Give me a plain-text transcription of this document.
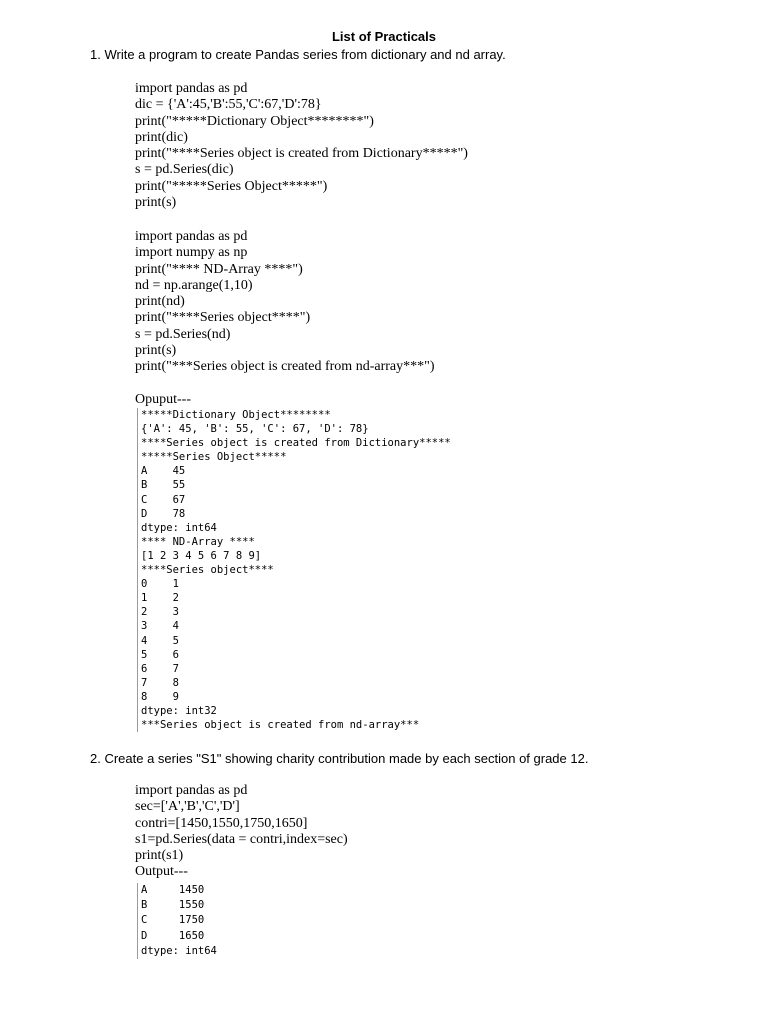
List of Practicals
1. Write a program to create Pandas series from dictionary and nd array.
import pandas as pd
dic = {'A':45,'B':55,'C':67,'D':78}
print("*****Dictionary Object********")
print(dic)
print("****Series object is created from Dictionary*****")
s = pd.Series(dic)
print("*****Series Object*****")
print(s)
import pandas as pd
import numpy as np
print("**** ND-Array ****")
nd = np.arange(1,10)
print(nd)
print("****Series object****")
s = pd.Series(nd)
print(s)
print("***Series object is created from nd-array***")
Opuput---
*****Dictionary Object********
{'A': 45, 'B': 55, 'C': 67, 'D': 78}
****Series object is created from Dictionary*****
*****Series Object*****
A    45
B    55
C    67
D    78
dtype: int64
**** ND-Array ****
[1 2 3 4 5 6 7 8 9]
****Series object****
0    1
1    2
2    3
3    4
4    5
5    6
6    7
7    8
8    9
dtype: int32
***Series object is created from nd-array***
2. Create a series "S1" showing charity contribution made by each section of grade 12.
import pandas as pd
sec=['A','B','C','D']
contri=[1450,1550,1750,1650]
s1=pd.Series(data = contri,index=sec)
print(s1)
Output---
A     1450
B     1550
C     1750
D     1650
dtype: int64
